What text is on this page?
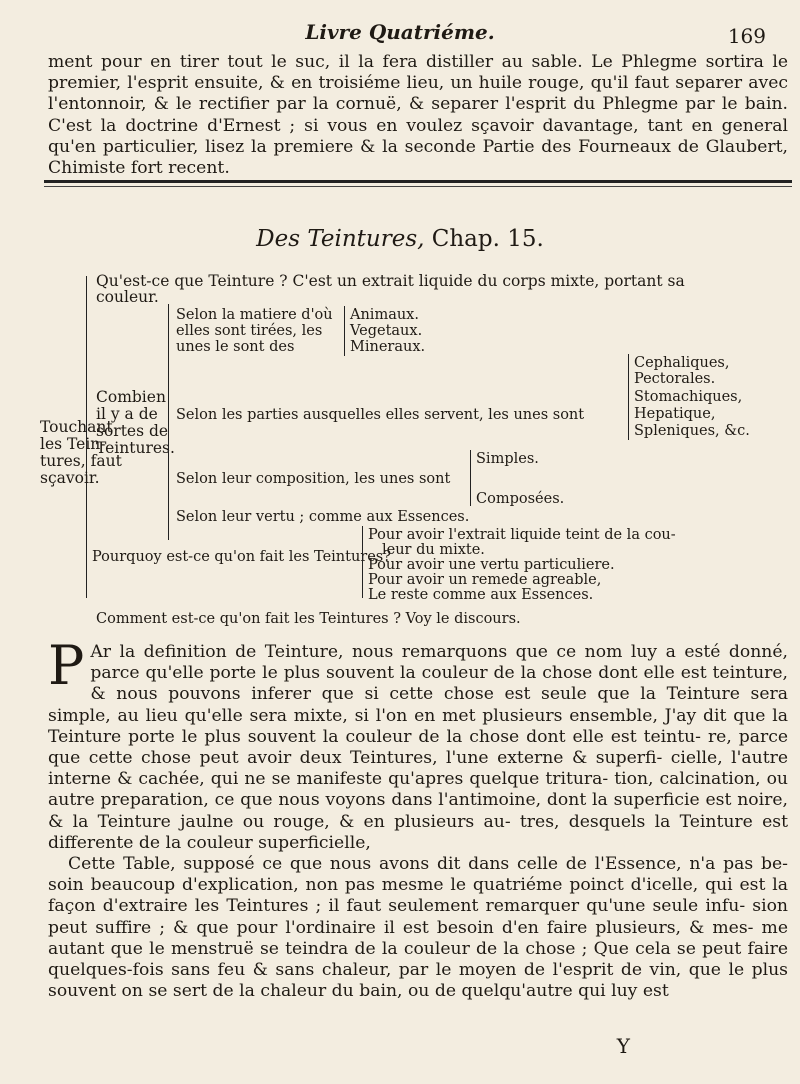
Livre Quatriéme.	169

ment pour en tirer tout le suc, il la fera distiller au sable. Le Phlegme sortira le premier, l'esprit ensuite, & en troisiéme lieu, un huile rouge, qu'il faut separer avec l'entonnoir, & le rectifier par la cornuë, & separer l'esprit du Phlegme par le bain. C'est la doctrine d'Ernest ; si vous en voulez sçavoir davantage, tant en general qu'en particulier, lisez la premiere & la seconde Partie des Fourneaux de Glaubert, Chimiste fort recent.

Des Teintures, Chap. 15.
Touchant
les Tein-
tures, faut
sçavoir.
Qu'est-ce que Teinture ? C'est un extrait liquide du corps mixte, portant sa
couleur.
Combien
il y a de
sortes de
Teintures.
Selon la matiere d'où
elles sont tirées, les
unes le sont des
Animaux.
Vegetaux.
Mineraux.
Selon les parties ausquelles elles servent, les unes sont
Cephaliques,
Pectorales.
Stomachiques,
Hepatique,
Spleniques, &c.
Selon leur composition, les unes sont
Simples.
Composées.
Selon leur vertu ; comme aux Essences.
Pourquoy est-ce qu'on fait les Teintures?
Pour avoir l'extrait liquide teint de la cou-
leur du mixte.
Pour avoir une vertu particuliere.
Pour avoir un remede agreable,
Le reste comme aux Essences.
Comment est-ce qu'on fait les Teintures ? Voy le discours.
P Ar la definition de Teinture, nous remarquons que ce nom luy a esté donné, parce qu'elle porte le plus souvent la couleur de la chose dont elle est teinture, & nous pouvons inferer que si cette chose est seule que la Teinture sera simple, au lieu qu'elle sera mixte, si l'on en met plusieurs ensemble, J'ay dit que la Teinture porte le plus souvent la couleur de la chose dont elle est teintu- re, parce que cette chose peut avoir deux Teintures, l'une externe & superfi- cielle, l'autre interne & cachée, qui ne se manifeste qu'apres quelque tritura- tion, calcination, ou autre preparation, ce que nous voyons dans l'antimoine, dont la superficie est noire, & la Teinture jaulne ou rouge, & en plusieurs au- tres, desquels la Teinture est differente de la couleur superficielle,
Cette Table, supposé ce que nous avons dit dans celle de l'Essence, n'a pas be- soin beaucoup d'explication, non pas mesme le quatriéme poinct d'icelle, qui est la façon d'extraire les Teintures ; il faut seulement remarquer qu'une seule infu- sion peut suffire ; & que pour l'ordinaire il est besoin d'en faire plusieurs, & mes- me autant que le menstruë se teindra de la couleur de la chose ; Que cela se peut faire quelques-fois sans feu & sans chaleur, par le moyen de l'esprit de vin, que le plus souvent on se sert de la chaleur du bain, ou de quelqu'autre qui luy est
Y
